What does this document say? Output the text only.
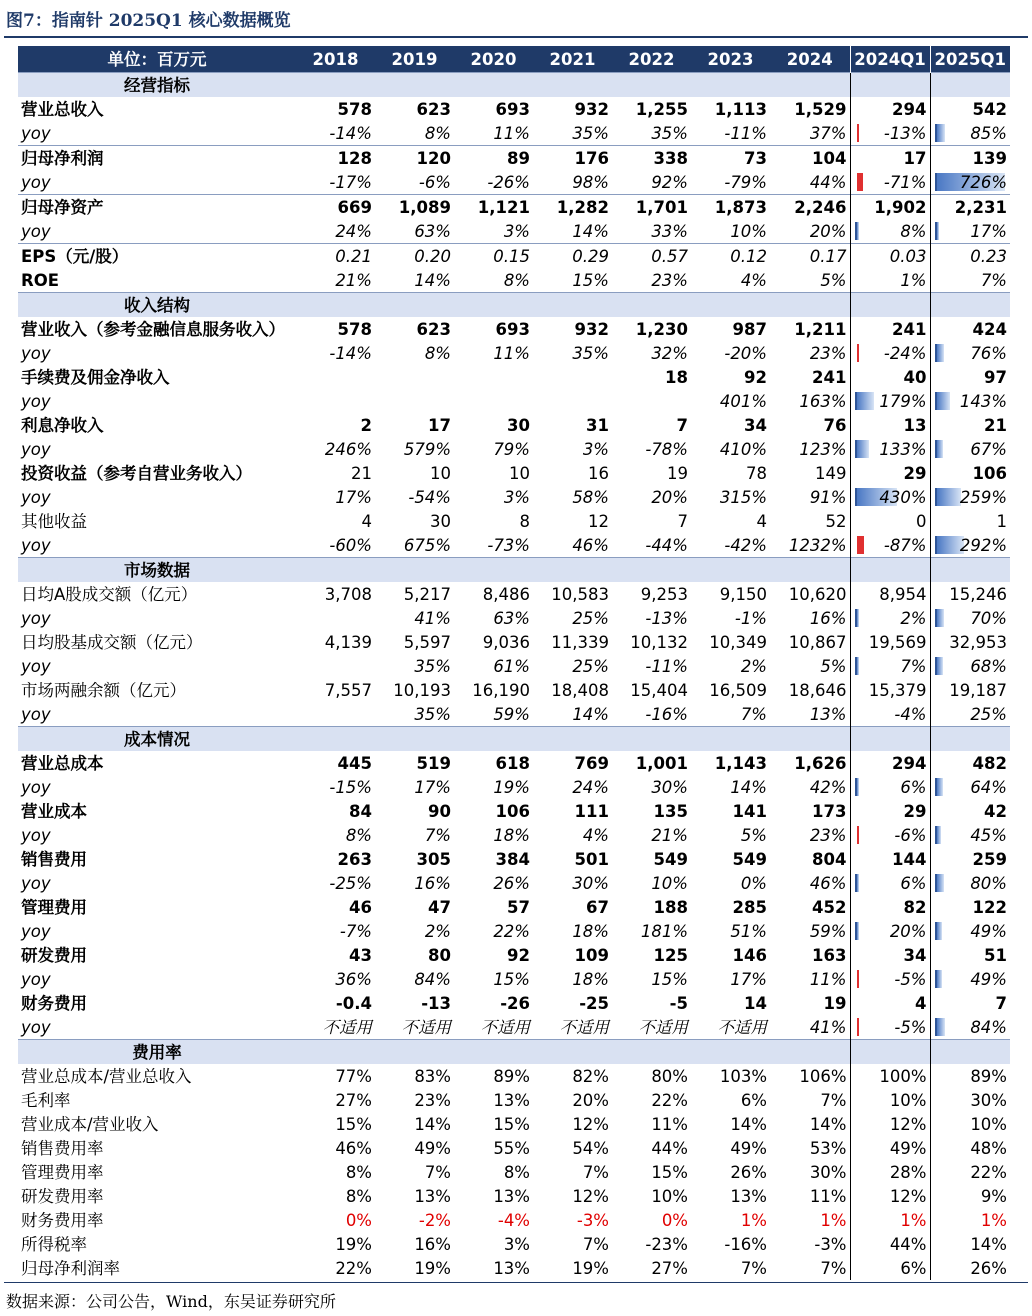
图7：指南针 2025Q1 核心数据概览
单位：百万元	2018	2019	2020	2021	2022	2023	2024	2024Q1	2025Q1
经营指标									
营业总收入	578	623	693	932	1,255	1,113	1,529	294	542
yoy	-14%	8%	11%	35%	35%	-11%	37%	-13%	85%
归母净利润	128	120	89	176	338	73	104	17	139
yoy	-17%	-6%	-26%	98%	92%	-79%	44%	-71%	726%
归母净资产	669	1,089	1,121	1,282	1,701	1,873	2,246	1,902	2,231
yoy	24%	63%	3%	14%	33%	10%	20%	8%	17%
EPS（元/股）	0.21	0.20	0.15	0.29	0.57	0.12	0.17	0.03	0.23
ROE	21%	14%	8%	15%	23%	4%	5%	1%	7%
收入结构									
营业收入（参考金融信息服务收入）	578	623	693	932	1,230	987	1,211	241	424
yoy	-14%	8%	11%	35%	32%	-20%	23%	-24%	76%
手续费及佣金净收入					18	92	241	40	97
yoy						401%	163%	179%	143%
利息净收入	2	17	30	31	7	34	76	13	21
yoy	246%	579%	79%	3%	-78%	410%	123%	133%	67%
投资收益（参考自营业务收入）	21	10	10	16	19	78	149	29	106
yoy	17%	-54%	3%	58%	20%	315%	91%	430%	259%
其他收益	4	30	8	12	7	4	52	0	1
yoy	-60%	675%	-73%	46%	-44%	-42%	1232%	-87%	292%
市场数据									
日均A股成交额（亿元）	3,708	5,217	8,486	10,583	9,253	9,150	10,620	8,954	15,246
yoy		41%	63%	25%	-13%	-1%	16%	2%	70%
日均股基成交额（亿元）	4,139	5,597	9,036	11,339	10,132	10,349	10,867	19,569	32,953
yoy		35%	61%	25%	-11%	2%	5%	7%	68%
市场两融余额（亿元）	7,557	10,193	16,190	18,408	15,404	16,509	18,646	15,379	19,187
yoy		35%	59%	14%	-16%	7%	13%	-4%	25%
成本情况									
营业总成本	445	519	618	769	1,001	1,143	1,626	294	482
yoy	-15%	17%	19%	24%	30%	14%	42%	6%	64%
营业成本	84	90	106	111	135	141	173	29	42
yoy	8%	7%	18%	4%	21%	5%	23%	-6%	45%
销售费用	263	305	384	501	549	549	804	144	259
yoy	-25%	16%	26%	30%	10%	0%	46%	6%	80%
管理费用	46	47	57	67	188	285	452	82	122
yoy	-7%	2%	22%	18%	181%	51%	59%	20%	49%
研发费用	43	80	92	109	125	146	163	34	51
yoy	36%	84%	15%	18%	15%	17%	11%	-5%	49%
财务费用	-0.4	-13	-26	-25	-5	14	19	4	7
yoy	不适用	不适用	不适用	不适用	不适用	不适用	41%	-5%	84%
费用率									
营业总成本/营业总收入	77%	83%	89%	82%	80%	103%	106%	100%	89%
毛利率	27%	23%	13%	20%	22%	6%	7%	10%	30%
营业成本/营业收入	15%	14%	15%	12%	11%	14%	14%	12%	10%
销售费用率	46%	49%	55%	54%	44%	49%	53%	49%	48%
管理费用率	8%	7%	8%	7%	15%	26%	30%	28%	22%
研发费用率	8%	13%	13%	12%	10%	13%	11%	12%	9%
财务费用率	0%	-2%	-4%	-3%	0%	1%	1%	1%	1%
所得税率	19%	16%	3%	7%	-23%	-16%	-3%	44%	14%
归母净利润率	22%	19%	13%	19%	27%	7%	7%	6%	26%
数据来源：公司公告，Wind，东吴证券研究所
